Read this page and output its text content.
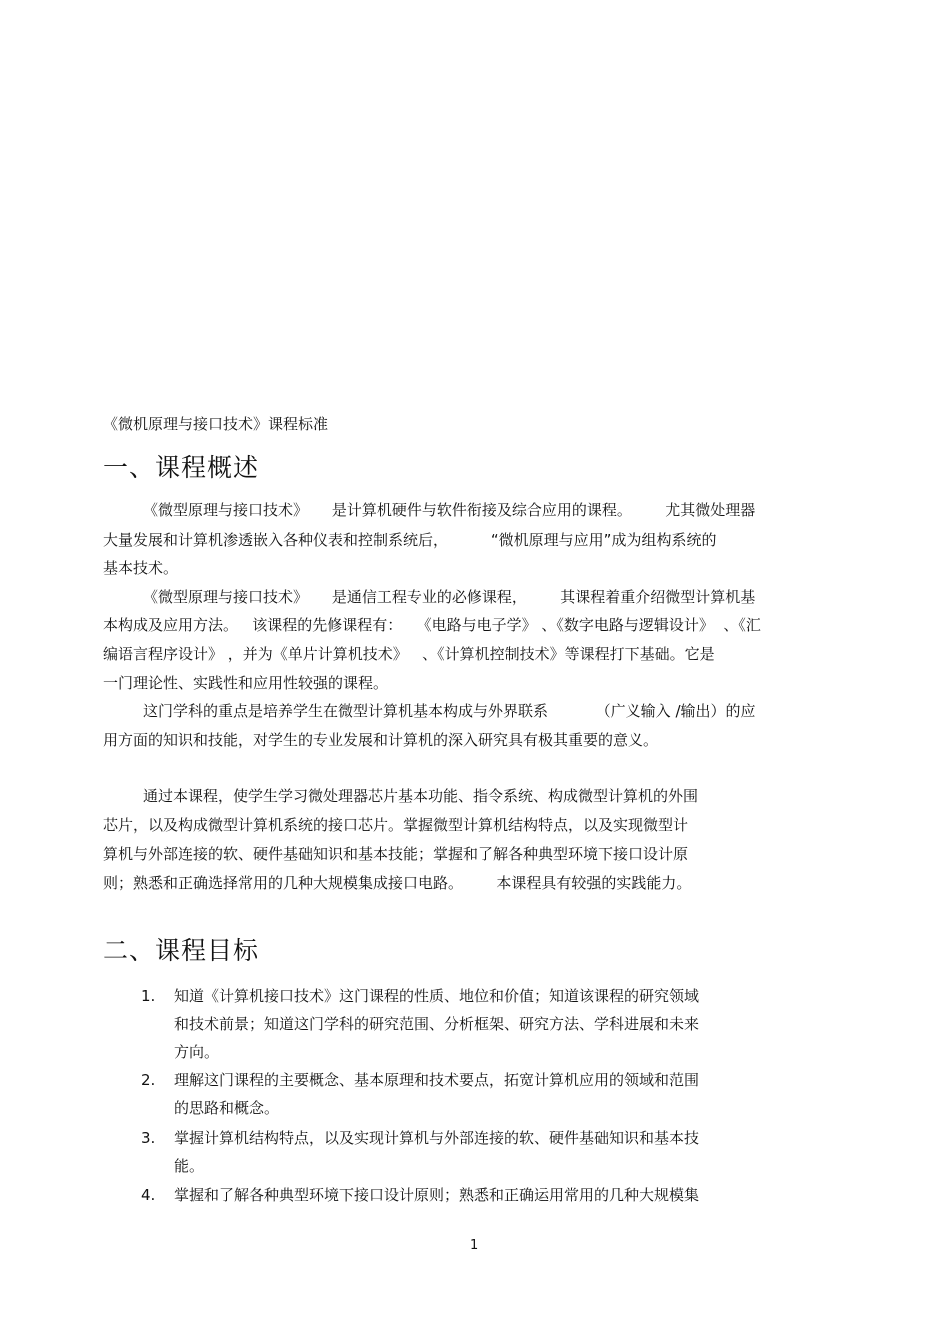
《微机原理与接口技术》课程标准
一、课程概述
《微型原理与接口技术》     是计算机硬件与软件衔接及综合应用的课程。       尤其微处理器
大量发展和计算机渗透嵌入各种仪表和控制系统后，         “微机原理与应用”成为组构系统的
基本技术。
《微型原理与接口技术》     是通信工程专业的必修课程，       其课程着重介绍微型计算机基
本构成及应用方法。   该课程的先修课程有：   《电路与电子学》 、《数字电路与逻辑设计》  、《汇
编语言程序设计》 ，并为《单片计算机技术》   、《计算机控制技术》等课程打下基础。它是
一门理论性、实践性和应用性较强的课程。
这门学科的重点是培养学生在微型计算机基本构成与外界联系          （广义输入 /输出）的应
用方面的知识和技能，对学生的专业发展和计算机的深入研究具有极其重要的意义。
通过本课程，使学生学习微处理器芯片基本功能、指令系统、构成微型计算机的外围
芯片，以及构成微型计算机系统的接口芯片。掌握微型计算机结构特点，以及实现微型计
算机与外部连接的软、硬件基础知识和基本技能；掌握和了解各种典型环境下接口设计原
则；熟悉和正确选择常用的几种大规模集成接口电路。       本课程具有较强的实践能力。
二、课程目标
1. 知道《计算机接口技术》这门课程的性质、地位和价值；知道该课程的研究领域
和技术前景；知道这门学科的研究范围、分析框架、研究方法、学科进展和未来
方向。
2. 理解这门课程的主要概念、基本原理和技术要点，拓宽计算机应用的领域和范围
的思路和概念。
3. 掌握计算机结构特点，以及实现计算机与外部连接的软、硬件基础知识和基本技
能。
4. 掌握和了解各种典型环境下接口设计原则；熟悉和正确运用常用的几种大规模集
1
